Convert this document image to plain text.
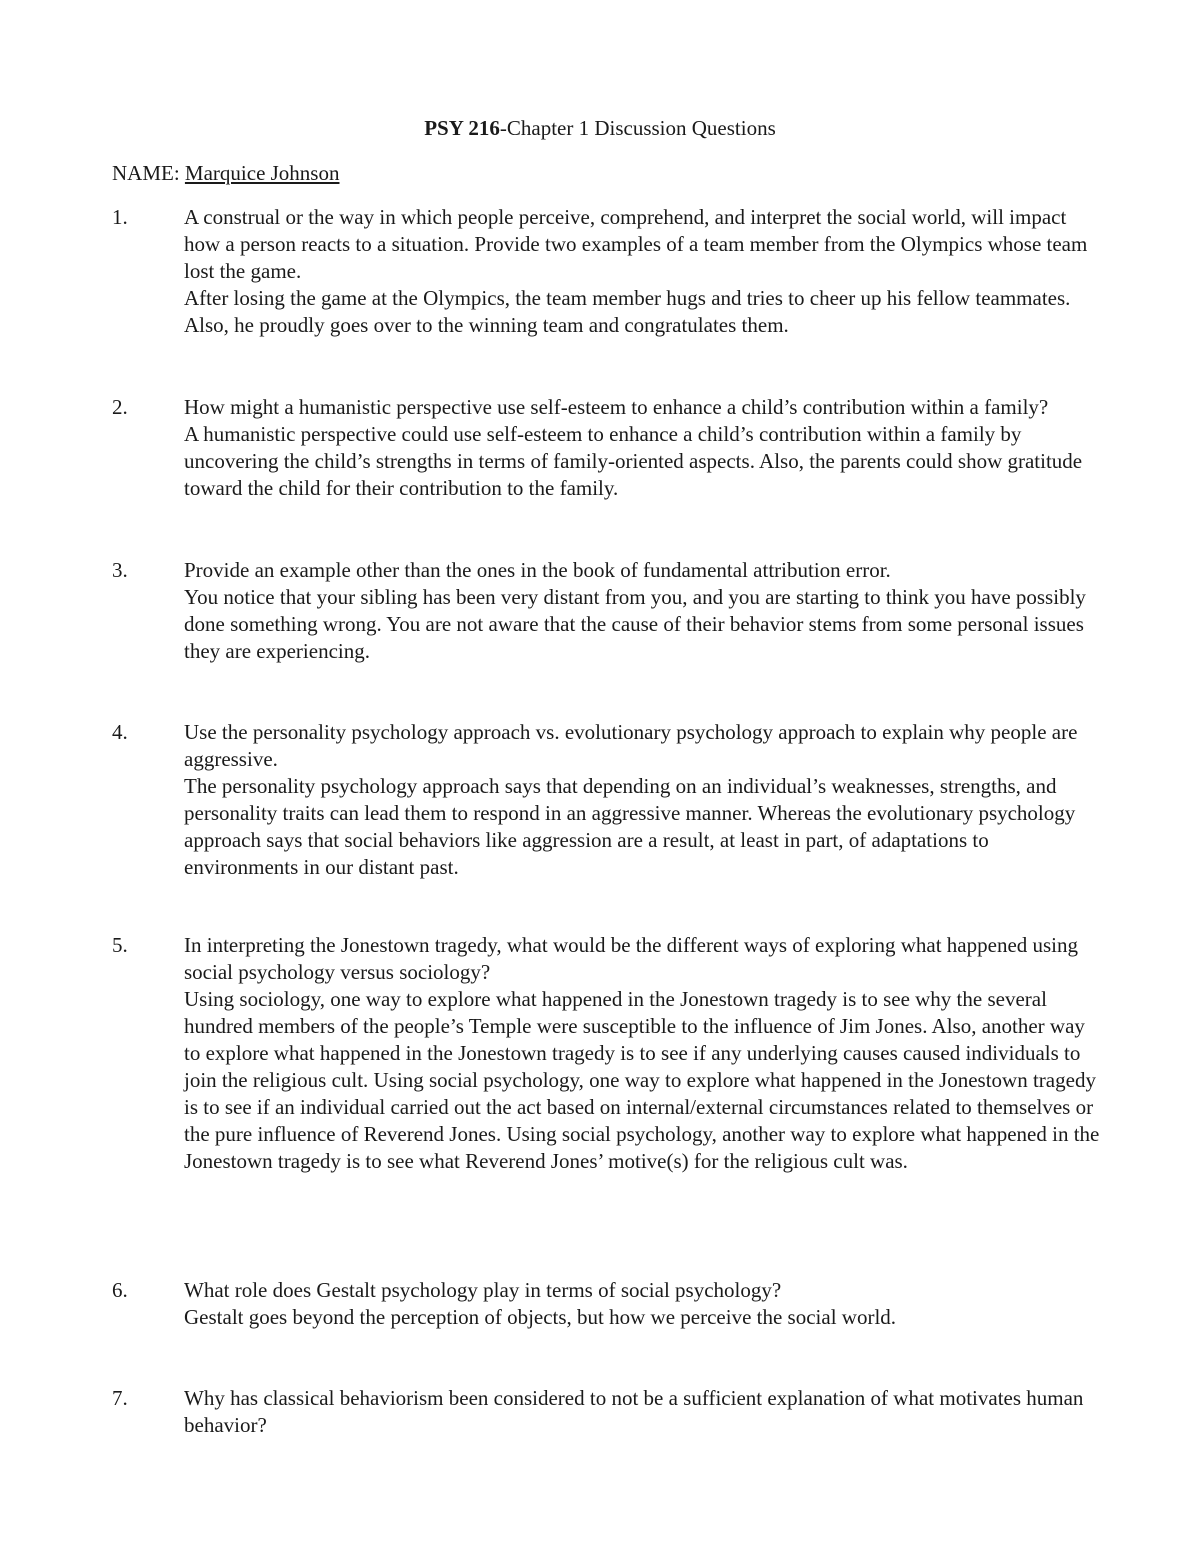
PSY 216-Chapter 1 Discussion Questions
NAME: Marquice Johnson
1.	A construal or the way in which people perceive, comprehend, and interpret the social world, will impact how a person reacts to a situation. Provide two examples of a team member from the Olympics whose team lost the game.
After losing the game at the Olympics, the team member hugs and tries to cheer up his fellow teammates. Also, he proudly goes over to the winning team and congratulates them.
2.	How might a humanistic perspective use self-esteem to enhance a child’s contribution within a family?
A humanistic perspective could use self-esteem to enhance a child’s contribution within a family by uncovering the child’s strengths in terms of family-oriented aspects. Also, the parents could show gratitude toward the child for their contribution to the family.
3.	Provide an example other than the ones in the book of fundamental attribution error.
You notice that your sibling has been very distant from you, and you are starting to think you have possibly done something wrong. You are not aware that the cause of their behavior stems from some personal issues they are experiencing.
4.	Use the personality psychology approach vs. evolutionary psychology approach to explain why people are aggressive.
The personality psychology approach says that depending on an individual’s weaknesses, strengths, and personality traits can lead them to respond in an aggressive manner. Whereas the evolutionary psychology approach says that social behaviors like aggression are a result, at least in part, of adaptations to environments in our distant past.
5.	In interpreting the Jonestown tragedy, what would be the different ways of exploring what happened using social psychology versus sociology?
Using sociology, one way to explore what happened in the Jonestown tragedy is to see why the several hundred members of the people’s Temple were susceptible to the influence of Jim Jones. Also, another way to explore what happened in the Jonestown tragedy is to see if any underlying causes caused individuals to join the religious cult. Using social psychology, one way to explore what happened in the Jonestown tragedy is to see if an individual carried out the act based on internal/external circumstances related to themselves or the pure influence of Reverend Jones. Using social psychology, another way to explore what happened in the Jonestown tragedy is to see what Reverend Jones’ motive(s) for the religious cult was.
6.	What role does Gestalt psychology play in terms of social psychology?
Gestalt goes beyond the perception of objects, but how we perceive the social world.
7.	Why has classical behaviorism been considered to not be a sufficient explanation of what motivates human behavior?
